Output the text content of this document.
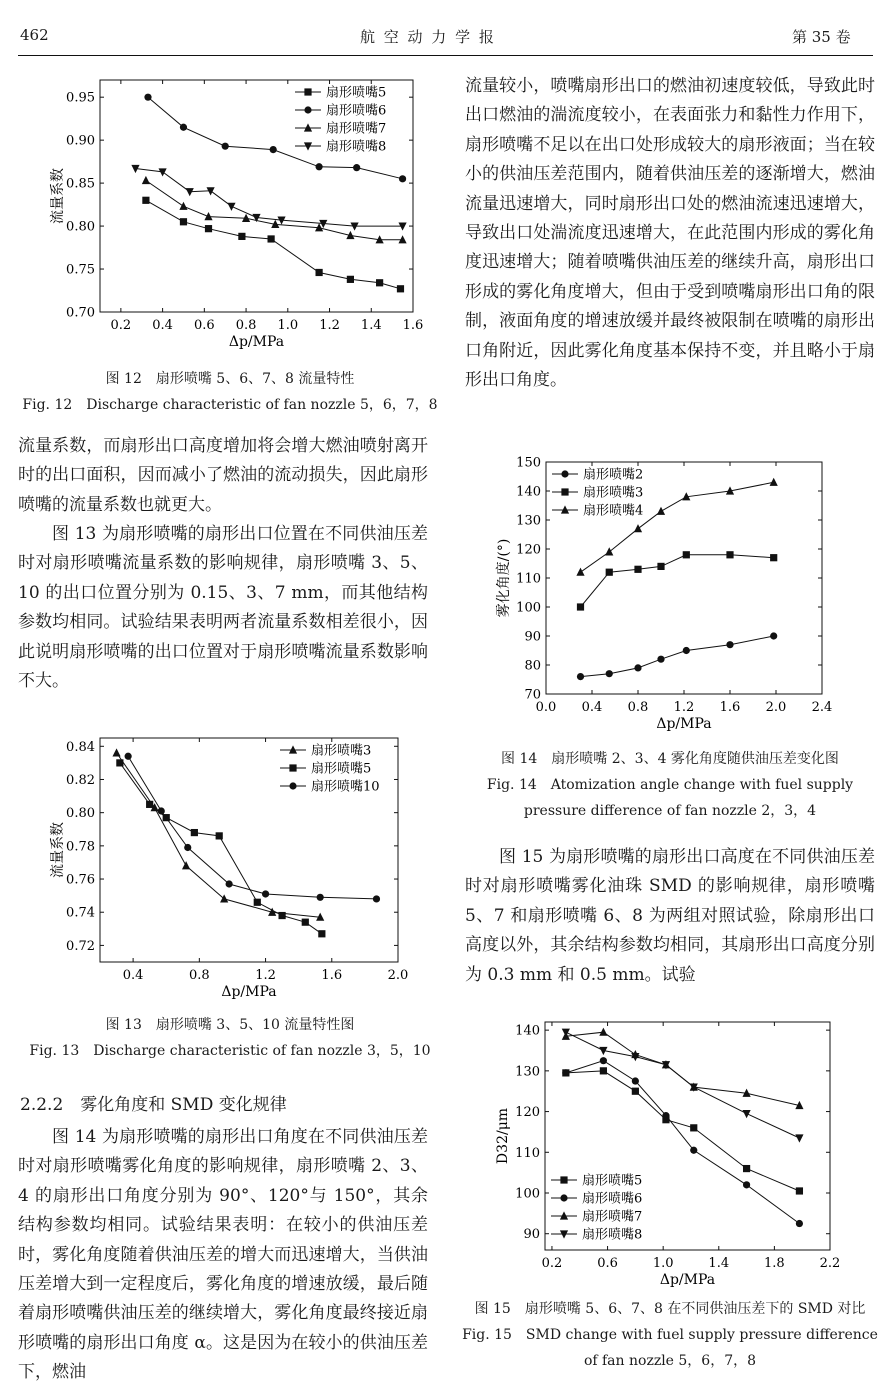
462	航 空 动 力 学 报	第 35 卷
0.2 0.4 0.6 0.8 1.0 1.2 1.4 1.6
0.70
0.75
0.80
0.85
0.90
0.95
Δp/MPa
流量系数
扇形喷嘴5
扇形喷嘴6
扇形喷嘴7
扇形喷嘴8
图 12　扇形喷嘴 5、6、7、8 流量特性
Fig. 12　Discharge characteristic of fan nozzle 5，6，7，8

流量系数，而扇形出口高度增加将会增大燃油喷射离开时的出口面积，因而减小了燃油的流动损失，因此扇形喷嘴的流量系数也就更大。

图 13 为扇形喷嘴的扇形出口位置在不同供油压差时对扇形喷嘴流量系数的影响规律，扇形喷嘴 3、5、10 的出口位置分别为 0.15、3、7 mm，而其他结构参数均相同。试验结果表明两者流量系数相差很小，因此说明扇形喷嘴的出口位置对于扇形喷嘴流量系数影响不大。

0.4	0.8	1.2	1.6	2.0
0.72
0.74
0.76
0.78
0.80
0.82
0.84
Δp/MPa
流量系数
扇形喷嘴3
扇形喷嘴5
扇形喷嘴10
图 13　扇形喷嘴 3、5、10 流量特性图
Fig. 13　Discharge characteristic of fan nozzle 3，5，10
2.2.2　雾化角度和 SMD 变化规律

图 14 为扇形喷嘴的扇形出口角度在不同供油压差时对扇形喷嘴雾化角度的影响规律，扇形喷嘴 2、3、4 的扇形出口角度分别为 90°、120°与 150°，其余结构参数均相同。试验结果表明：在较小的供油压差时，雾化角度随着供油压差的增大而迅速增大，当供油压差增大到一定程度后，雾化角度的增速放缓，最后随着扇形喷嘴供油压差的继续增大，雾化角度最终接近扇形喷嘴的扇形出口角度 α。这是因为在较小的供油压差下，燃油

流量较小，喷嘴扇形出口的燃油初速度较低，导致此时出口燃油的湍流度较小，在表面张力和黏性力作用下，扇形喷嘴不足以在出口处形成较大的扇形液面；当在较小的供油压差范围内，随着供油压差的逐渐增大，燃油流量迅速增大，同时扇形出口处的燃油流速迅速增大，导致出口处湍流度迅速增大，在此范围内形成的雾化角度迅速增大；随着喷嘴供油压差的继续升高，扇形出口形成的雾化角度增大，但由于受到喷嘴扇形出口角的限制，液面角度的增速放缓并最终被限制在喷嘴的扇形出口角附近，因此雾化角度基本保持不变，并且略小于扇形出口角度。

0.0 0.4 0.8 1.2 1.6 2.0 2.4
70
80
90
100
110
120
130
140
150
Δp/MPa
雾化角度/(°)
扇形喷嘴2
扇形喷嘴3
扇形喷嘴4
图 14　扇形喷嘴 2、3、4 雾化角度随供油压差变化图
Fig. 14　Atomization angle change with fuel supply
pressure difference of fan nozzle 2，3，4

图 15 为扇形喷嘴的扇形出口高度在不同供油压差时对扇形喷嘴雾化油珠 SMD 的影响规律，扇形喷嘴 5、7 和扇形喷嘴 6、8 为两组对照试验，除扇形出口高度以外，其余结构参数均相同，其扇形出口高度分别为 0.3 mm 和 0.5 mm。试验

0.2	0.6	1.0	1.4	1.8	2.2
90
100
110
120
130
140
Δp/MPa
D32/μm
扇形喷嘴5
扇形喷嘴6
扇形喷嘴7
扇形喷嘴8
图 15　扇形喷嘴 5、6、7、8 在不同供油压差下的 SMD 对比
Fig. 15　SMD change with fuel supply pressure difference
of fan nozzle 5，6，7，8
